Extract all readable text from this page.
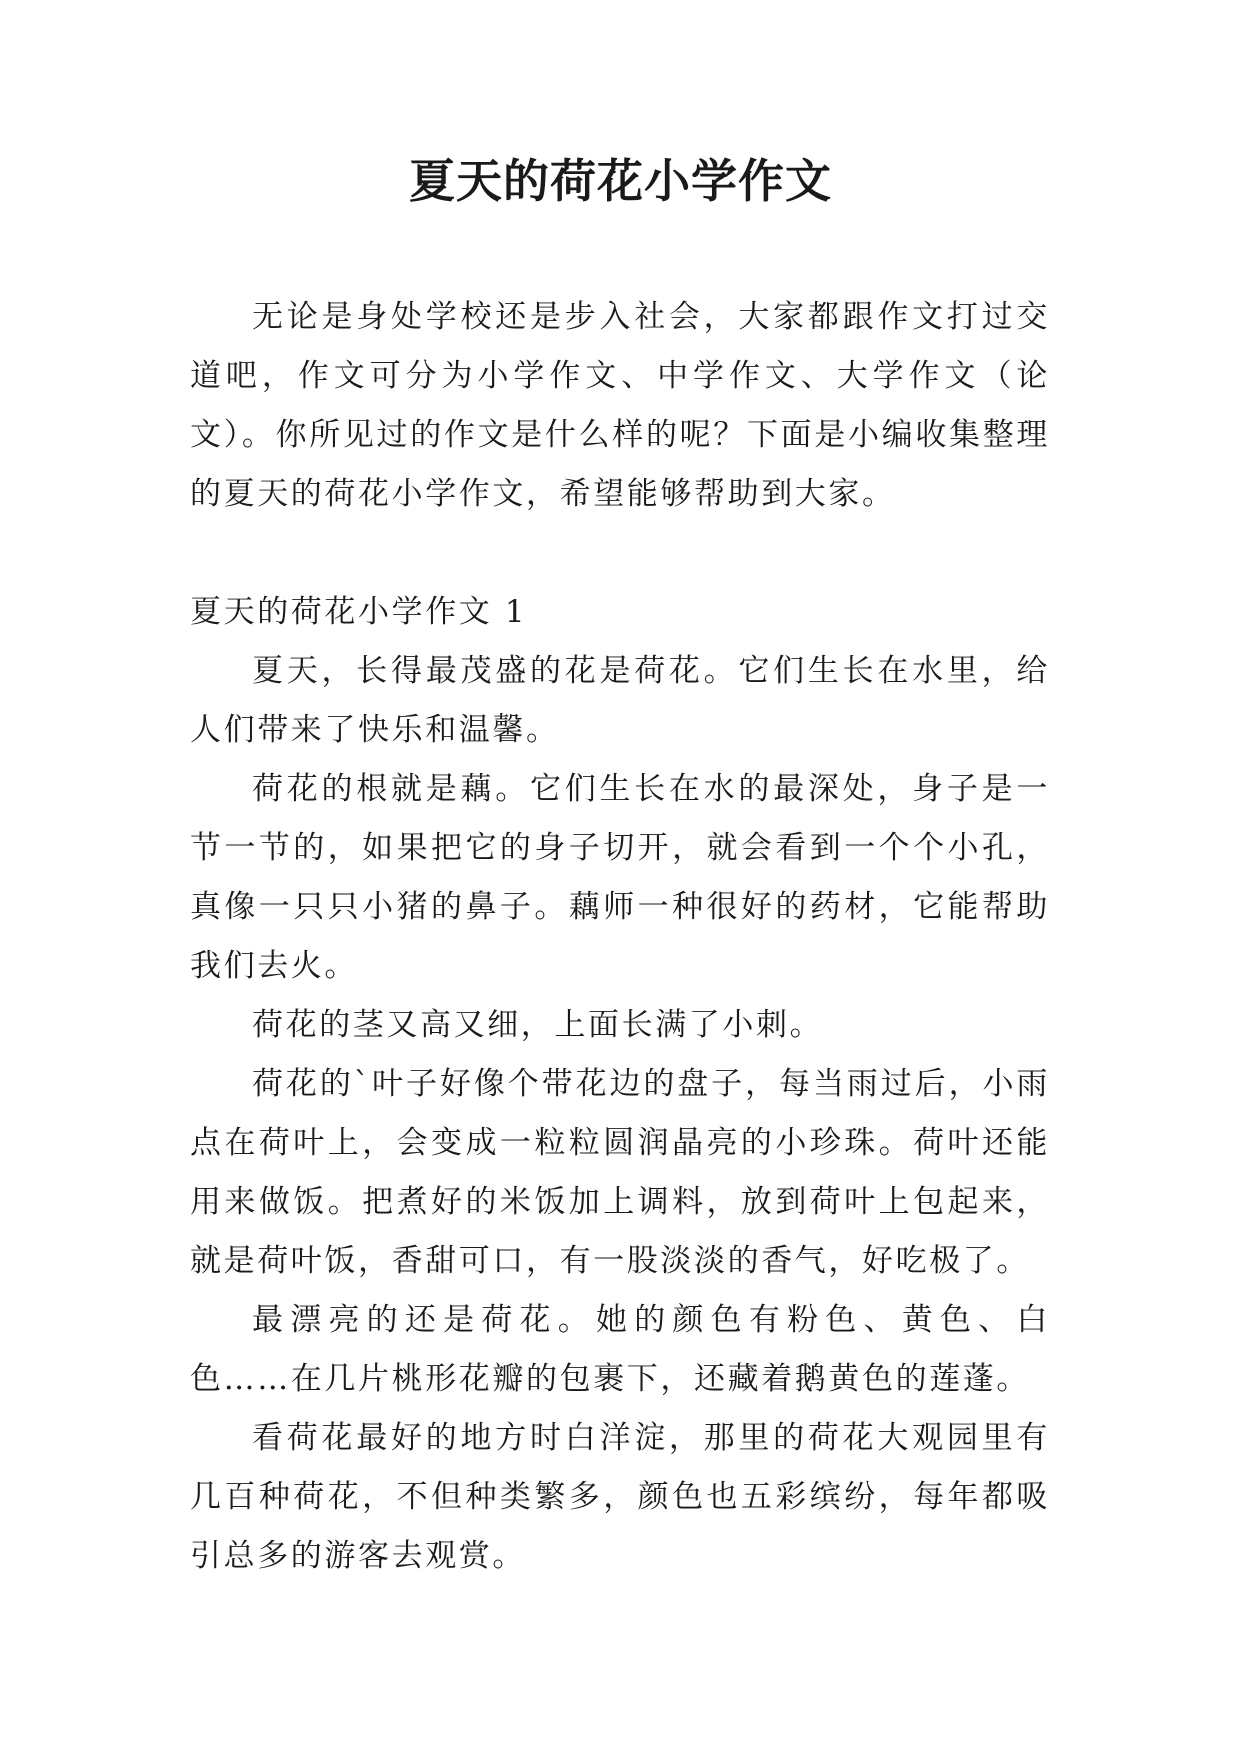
夏天的荷花小学作文

无论是身处学校还是步入社会，大家都跟作文打过交道吧，作文可分为小学作文、中学作文、大学作文（论文）。你所见过的作文是什么样的呢？下面是小编收集整理的夏天的荷花小学作文，希望能够帮助到大家。

夏天的荷花小学作文 1

夏天，长得最茂盛的花是荷花。它们生长在水里，给人们带来了快乐和温馨。

荷花的根就是藕。它们生长在水的最深处，身子是一节一节的，如果把它的身子切开，就会看到一个个小孔，真像一只只小猪的鼻子。藕师一种很好的药材，它能帮助我们去火。

荷花的茎又高又细，上面长满了小刺。

荷花的`叶子好像个带花边的盘子，每当雨过后，小雨点在荷叶上，会变成一粒粒圆润晶亮的小珍珠。荷叶还能用来做饭。把煮好的米饭加上调料，放到荷叶上包起来，就是荷叶饭，香甜可口，有一股淡淡的香气，好吃极了。

最漂亮的还是荷花。她的颜色有粉色、黄色、白色……在几片桃形花瓣的包裹下，还藏着鹅黄色的莲蓬。

看荷花最好的地方时白洋淀，那里的荷花大观园里有几百种荷花，不但种类繁多，颜色也五彩缤纷，每年都吸引总多的游客去观赏。
